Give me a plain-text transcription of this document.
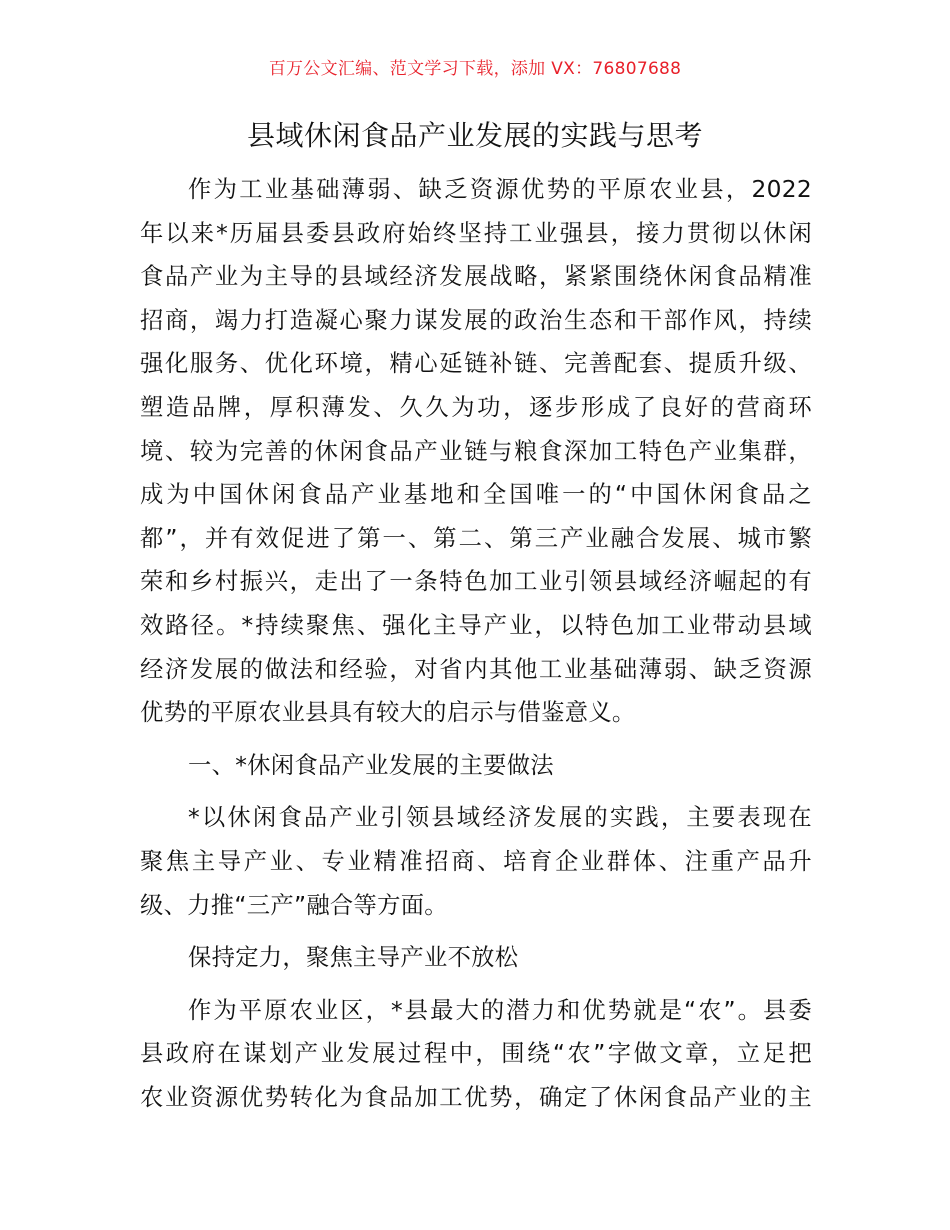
百万公文汇编、范文学习下载，添加 VX：76807688
县域休闲食品产业发展的实践与思考
作为工业基础薄弱、缺乏资源优势的平原农业县，2022
年以来*历届县委县政府始终坚持工业强县，接力贯彻以休闲
食品产业为主导的县域经济发展战略，紧紧围绕休闲食品精准
招商，竭力打造凝心聚力谋发展的政治生态和干部作风，持续
强化服务、优化环境，精心延链补链、完善配套、提质升级、
塑造品牌，厚积薄发、久久为功，逐步形成了良好的营商环
境、较为完善的休闲食品产业链与粮食深加工特色产业集群，
成为中国休闲食品产业基地和全国唯一的“中国休闲食品之
都”，并有效促进了第一、第二、第三产业融合发展、城市繁
荣和乡村振兴，走出了一条特色加工业引领县域经济崛起的有
效路径。*持续聚焦、强化主导产业，以特色加工业带动县域
经济发展的做法和经验，对省内其他工业基础薄弱、缺乏资源
优势的平原农业县具有较大的启示与借鉴意义。
一、*休闲食品产业发展的主要做法
*以休闲食品产业引领县域经济发展的实践，主要表现在
聚焦主导产业、专业精准招商、培育企业群体、注重产品升
级、力推“三产”融合等方面。
保持定力，聚焦主导产业不放松
作为平原农业区，*县最大的潜力和优势就是“农”。县委
县政府在谋划产业发展过程中，围绕“农”字做文章，立足把
农业资源优势转化为食品加工优势，确定了休闲食品产业的主
